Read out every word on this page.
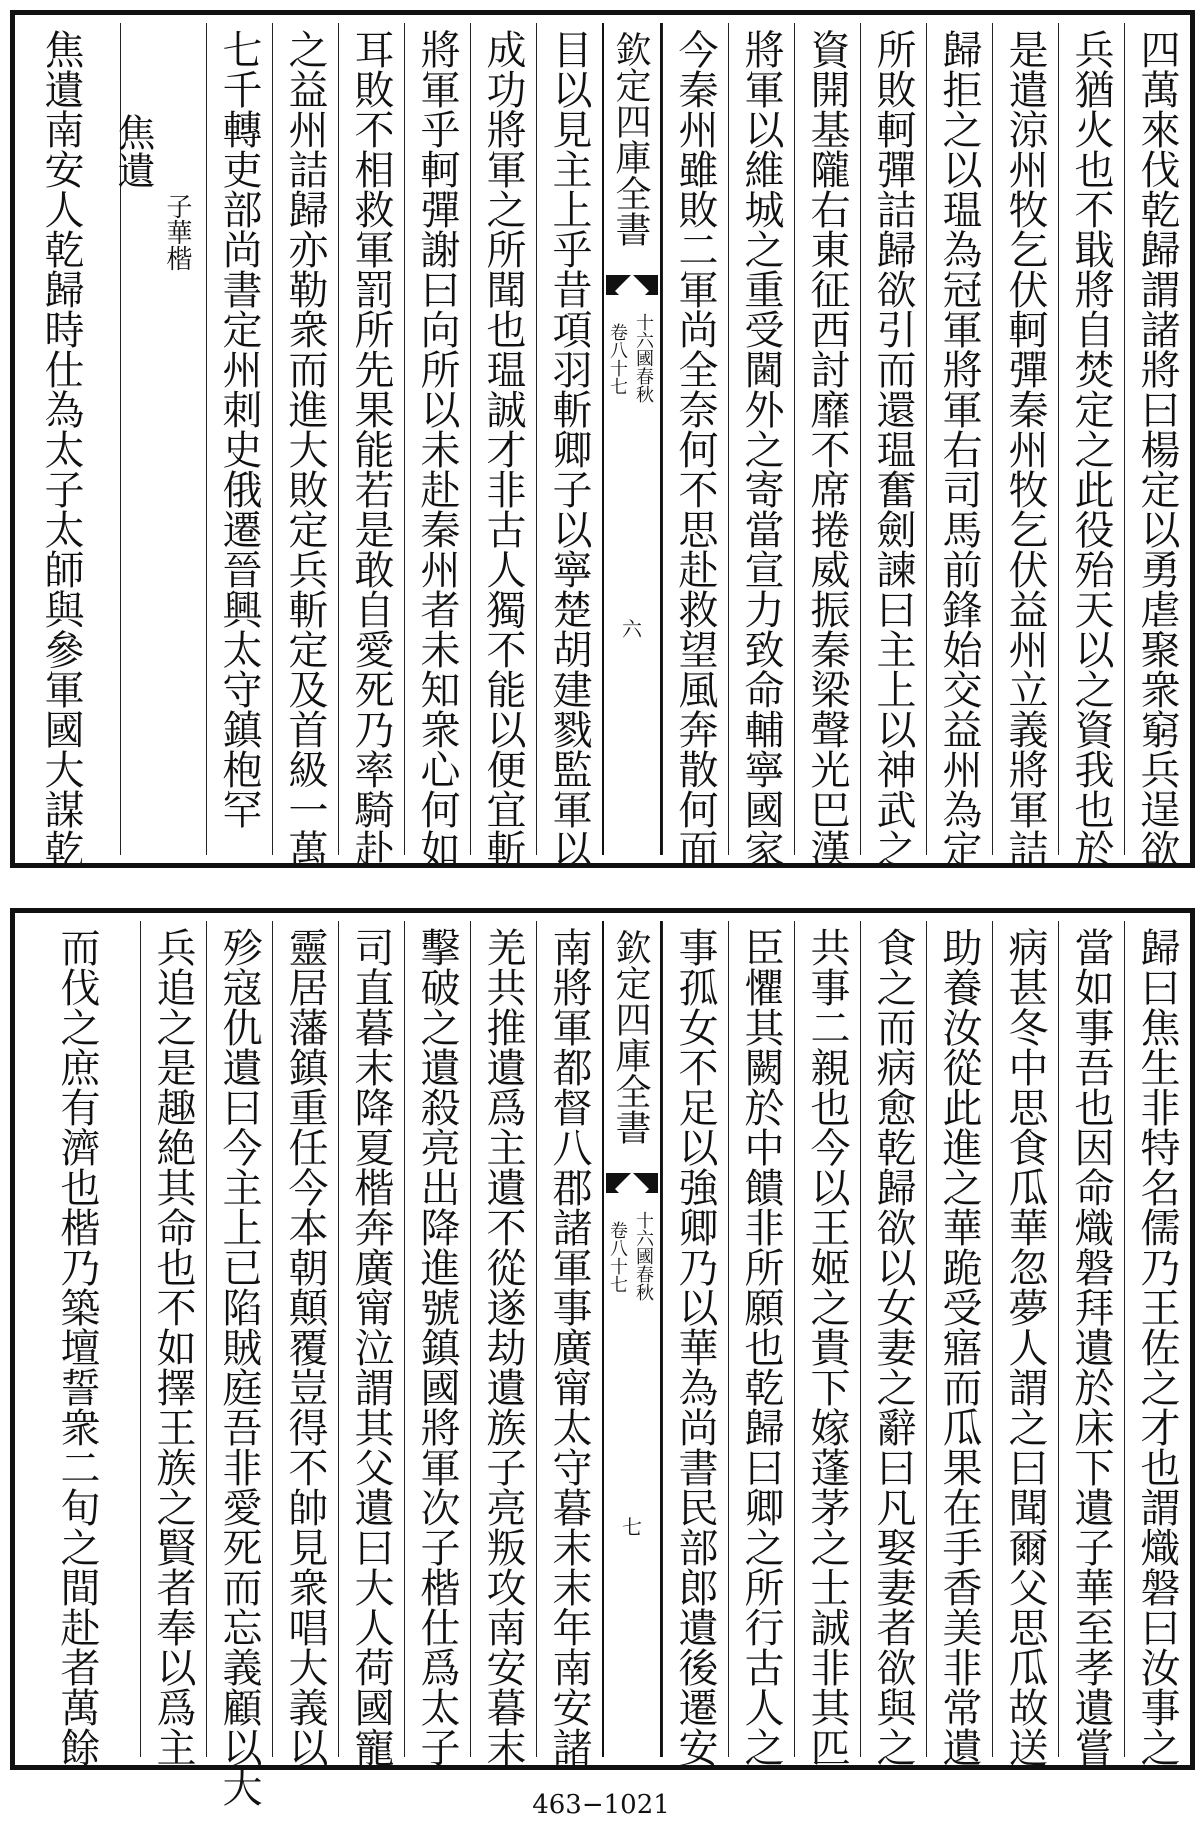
四萬來伐乾歸謂諸將曰楊定以勇虐聚衆窮兵逞欲
兵猶火也不戢將自焚定之此役殆天以之資我也於
是遣涼州牧乞伏軻彈秦州牧乞伏益州立義將軍詰
歸拒之以瑥為冠軍將軍右司馬前鋒始交益州為定
所敗軻彈詰歸欲引而還瑥奮劍諫曰主上以神武之
資開基隴右東征西討靡不席捲威振秦梁聲光巴漢
將軍以維城之重受閫外之寄當宣力致命輔寧國家
今秦州雖敗二軍尚全奈何不思赴救望風奔散何面
欽定四庫全書
十六國春秋
卷八十七
六
目以見主上乎昔項羽斬卿子以寧楚胡建戮監軍以
成功將軍之所聞也瑥誠才非古人獨不能以便宜斬
將軍乎軻彈謝曰向所以未赴秦州者未知衆心何如
耳敗不相救軍罰所先果能若是敢自愛死乃率騎赴
之益州詰歸亦勒衆而進大敗定兵斬定及首級一萬
七千轉吏部尚書定州刺史俄遷晉興太守鎮枹罕
焦遺
子華楷
焦遺南安人乾歸時仕為太子太師與參軍國大謀乾
歸曰焦生非特名儒乃王佐之才也謂熾磐曰汝事之
當如事吾也因命熾磐拜遺於床下遺子華至孝遺嘗
病甚冬中思食瓜華忽夢人謂之曰聞爾父思瓜故送
助養汝從此進之華跪受寤而瓜果在手香美非常遺
食之而病愈乾歸欲以女妻之辭曰凡娶妻者欲與之
共事二親也今以王姬之貴下嫁蓬茅之士誠非其匹
臣懼其闕於中饋非所願也乾歸曰卿之所行古人之
事孤女不足以強卿乃以華為尚書民部郎遺後遷安
欽定四庫全書
十六國春秋
卷八十七
七
南將軍都督八郡諸軍事廣甯太守暮末末年南安諸
羌共推遺爲主遺不從遂劫遺族子亮叛攻南安暮末
擊破之遺殺亮出降進號鎮國將軍次子楷仕爲太子
司直暮末降夏楷奔廣甯泣謂其父遺曰大人荷國寵
靈居藩鎮重任今本朝顛覆豈得不帥見衆唱大義以
殄寇仇遺曰今主上已陷賊庭吾非愛死而忘義顧以大
兵追之是趣絶其命也不如擇王族之賢者奉以爲主
而伐之庶有濟也楷乃築壇誓衆二旬之間赴者萬餘
463−1021
